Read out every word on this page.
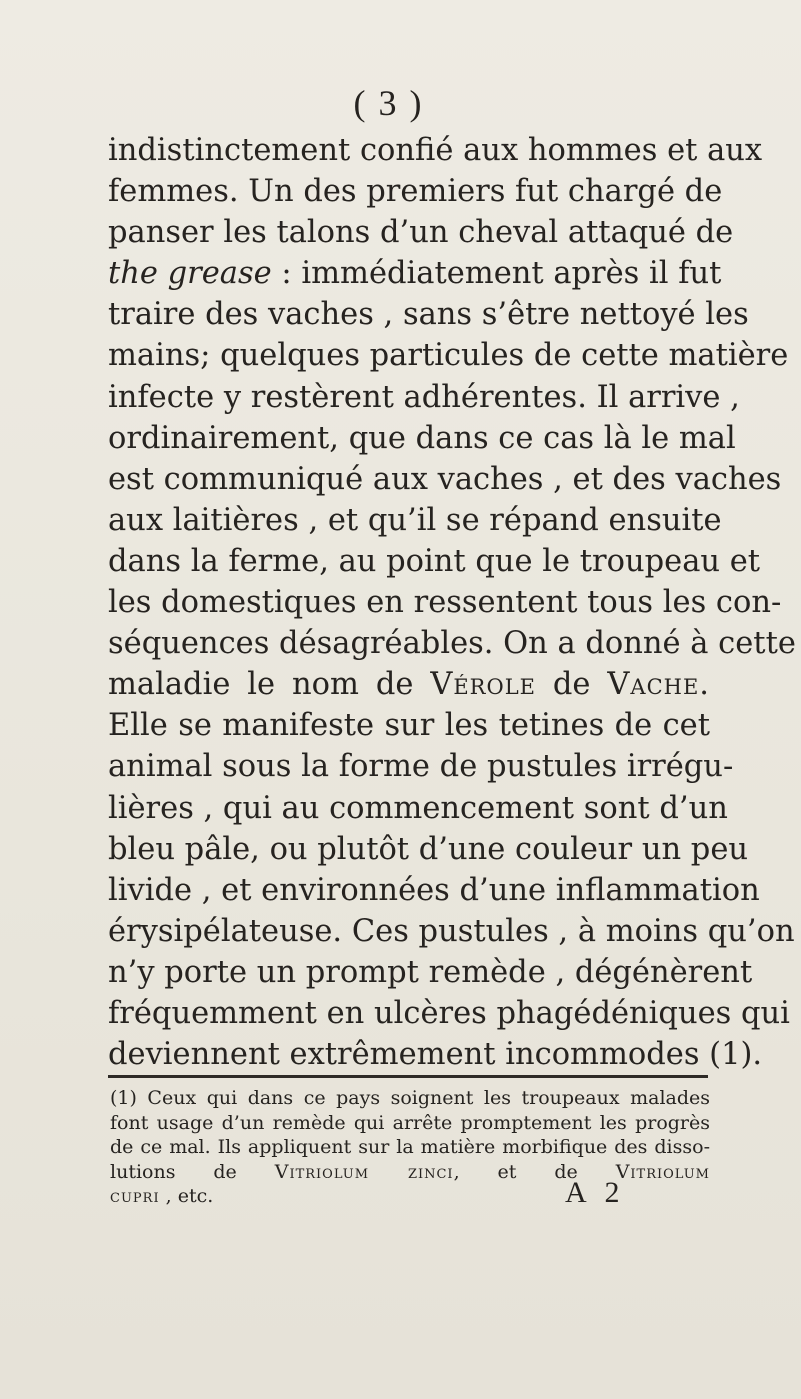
( 3 )
indistinctement confié aux hommes et aux
femmes. Un des premiers fut chargé de
panser les talons d’un cheval attaqué de
the grease : immédiatement après il fut
traire des vaches , sans s’être nettoyé les
mains; quelques particules de cette matière
infecte y restèrent adhérentes. Il arrive ,
ordinairement, que dans ce cas là le mal
est communiqué aux vaches , et des vaches
aux laitières , et qu’il se répand ensuite
dans la ferme, au point que le troupeau et
les domestiques en ressentent tous les con-
séquences désagréables. On a donné à cette
maladie le nom de Vérole de Vache.
Elle se manifeste sur les tetines de cet
animal sous la forme de pustules irrégu-
lières , qui au commencement sont d’un
bleu pâle, ou plutôt d’une couleur un peu
livide , et environnées d’une inflammation
érysipélateuse. Ces pustules , à moins qu’on
n’y porte un prompt remède , dégénèrent
fréquemment en ulcères phagédéniques qui
deviennent extrêmement incommodes (1).
(1) Ceux qui dans ce pays soignent les troupeaux malades
font usage d’un remède qui arrête promptement les progrès
de ce mal. Ils appliquent sur la matière morbifique des disso-
lutions de Vitriolum zinci, et de Vitriolum
cupri , etc.	A 2
